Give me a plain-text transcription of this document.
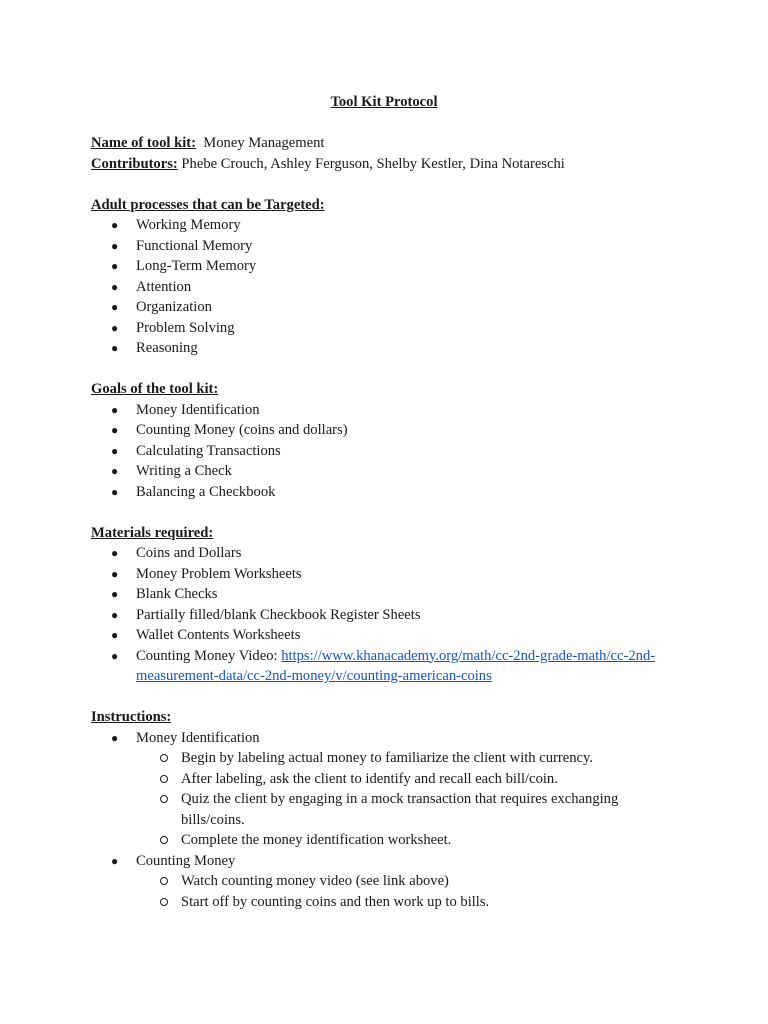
Tool Kit Protocol

Name of tool kit: Money Management

Contributors: Phebe Crouch, Ashley Ferguson, Shelby Kestler, Dina Notareschi

Adult processes that can be Targeted:

● Working Memory
● Functional Memory
● Long-Term Memory
● Attention
● Organization
● Problem Solving
● Reasoning

Goals of the tool kit:

● Money Identification
● Counting Money (coins and dollars)
● Calculating Transactions
● Writing a Check
● Balancing a Checkbook

Materials required:

● Coins and Dollars
● Money Problem Worksheets
● Blank Checks
● Partially filled/blank Checkbook Register Sheets
● Wallet Contents Worksheets
● Counting Money Video: https://www.khanacademy.org/math/cc-2nd-grade-math/cc-2nd-
measurement-data/cc-2nd-money/v/counting-american-coins

Instructions:

● Money Identification
Begin by labeling actual money to familiarize the client with currency.
After labeling, ask the client to identify and recall each bill/coin.
Quiz the client by engaging in a mock transaction that requires exchanging bills/coins.
Complete the money identification worksheet.
● Counting Money
Watch counting money video (see link above)
Start off by counting coins and then work up to bills.
